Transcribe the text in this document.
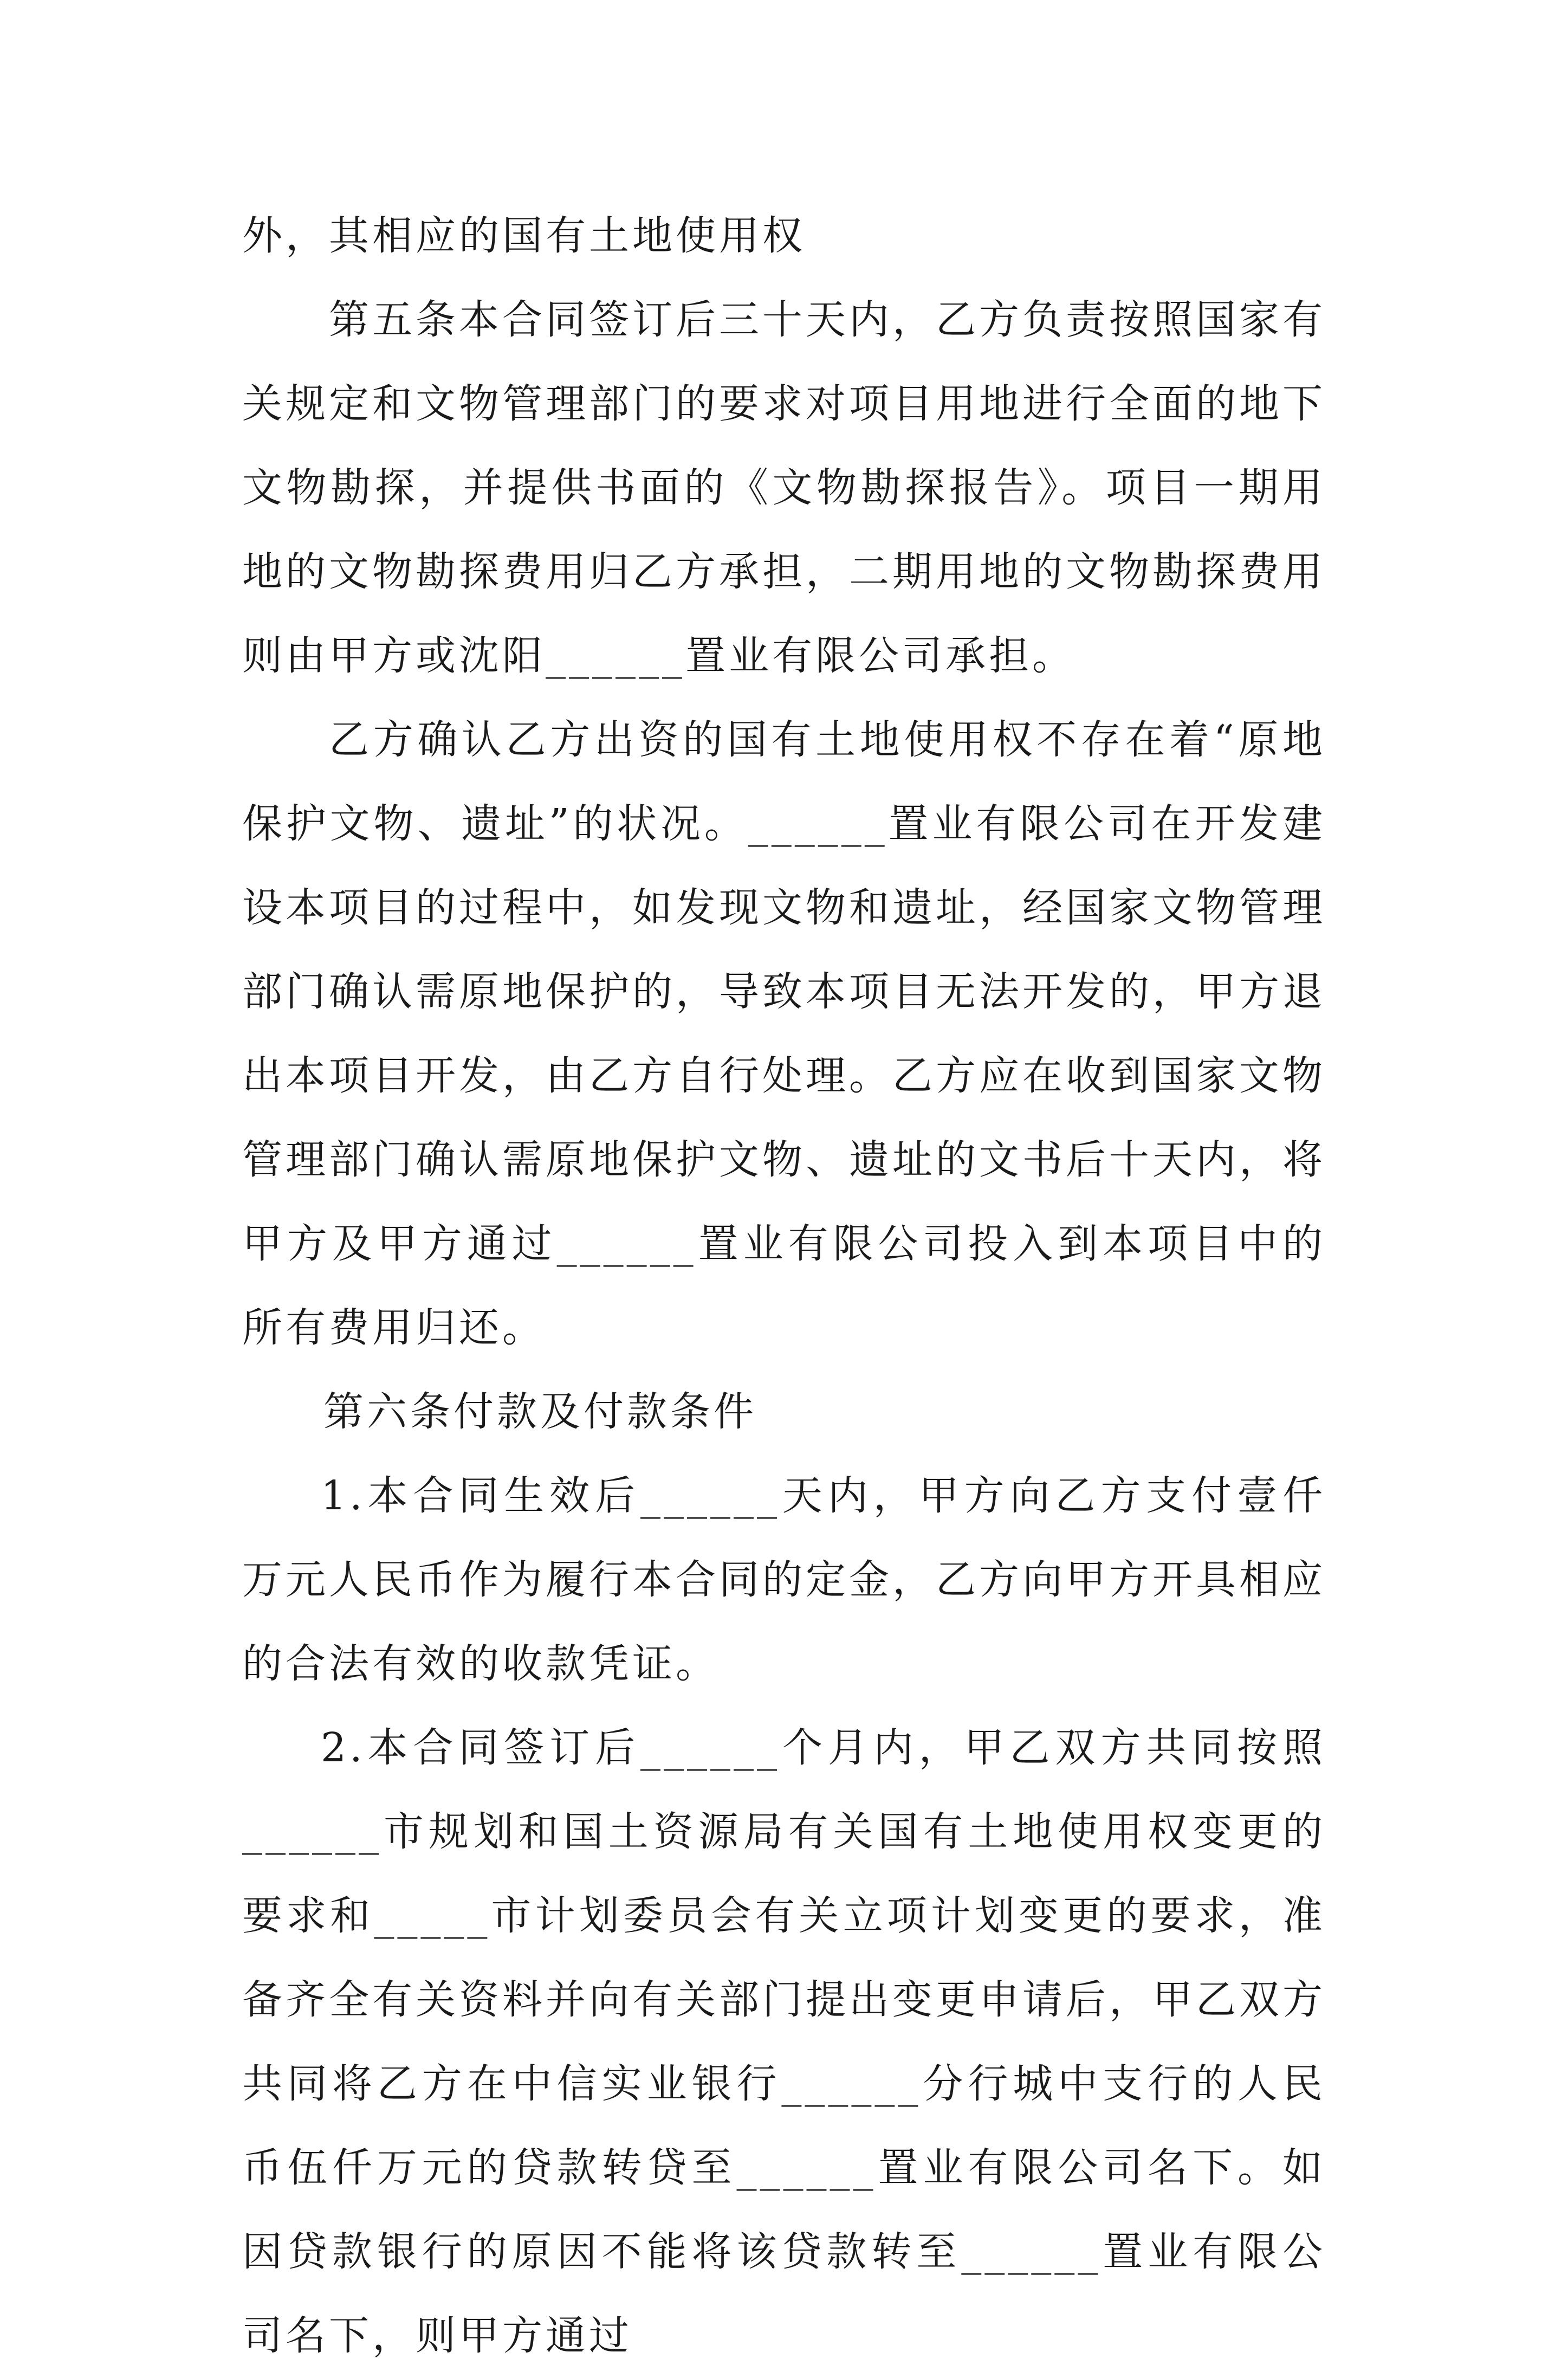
外，其相应的国有土地使用权

第五条本合同签订后三十天内，乙方负责按照国家有关规定和文物管理部门的要求对项目用地进行全面的地下文物勘探，并提供书面的《文物勘探报告》。项目一期用地的文物勘探费用归乙方承担，二期用地的文物勘探费用则由甲方或沈阳______置业有限公司承担。

乙方确认乙方出资的国有土地使用权不存在着“原地保护文物、遗址”的状况。______置业有限公司在开发建设本项目的过程中，如发现文物和遗址，经国家文物管理部门确认需原地保护的，导致本项目无法开发的，甲方退出本项目开发，由乙方自行处理。乙方应在收到国家文物管理部门确认需原地保护文物、遗址的文书后十天内，将甲方及甲方通过______置业有限公司投入到本项目中的所有费用归还。

第六条付款及付款条件

1.本合同生效后______天内，甲方向乙方支付壹仟万元人民币作为履行本合同的定金，乙方向甲方开具相应的合法有效的收款凭证。

2.本合同签订后______个月内，甲乙双方共同按照______市规划和国土资源局有关国有土地使用权变更的要求和_____市计划委员会有关立项计划变更的要求，准备齐全有关资料并向有关部门提出变更申请后，甲乙双方共同将乙方在中信实业银行______分行城中支行的人民币伍仟万元的贷款转贷至______置业有限公司名下。如因贷款银行的原因不能将该贷款转至______置业有限公司名下，则甲方通过
